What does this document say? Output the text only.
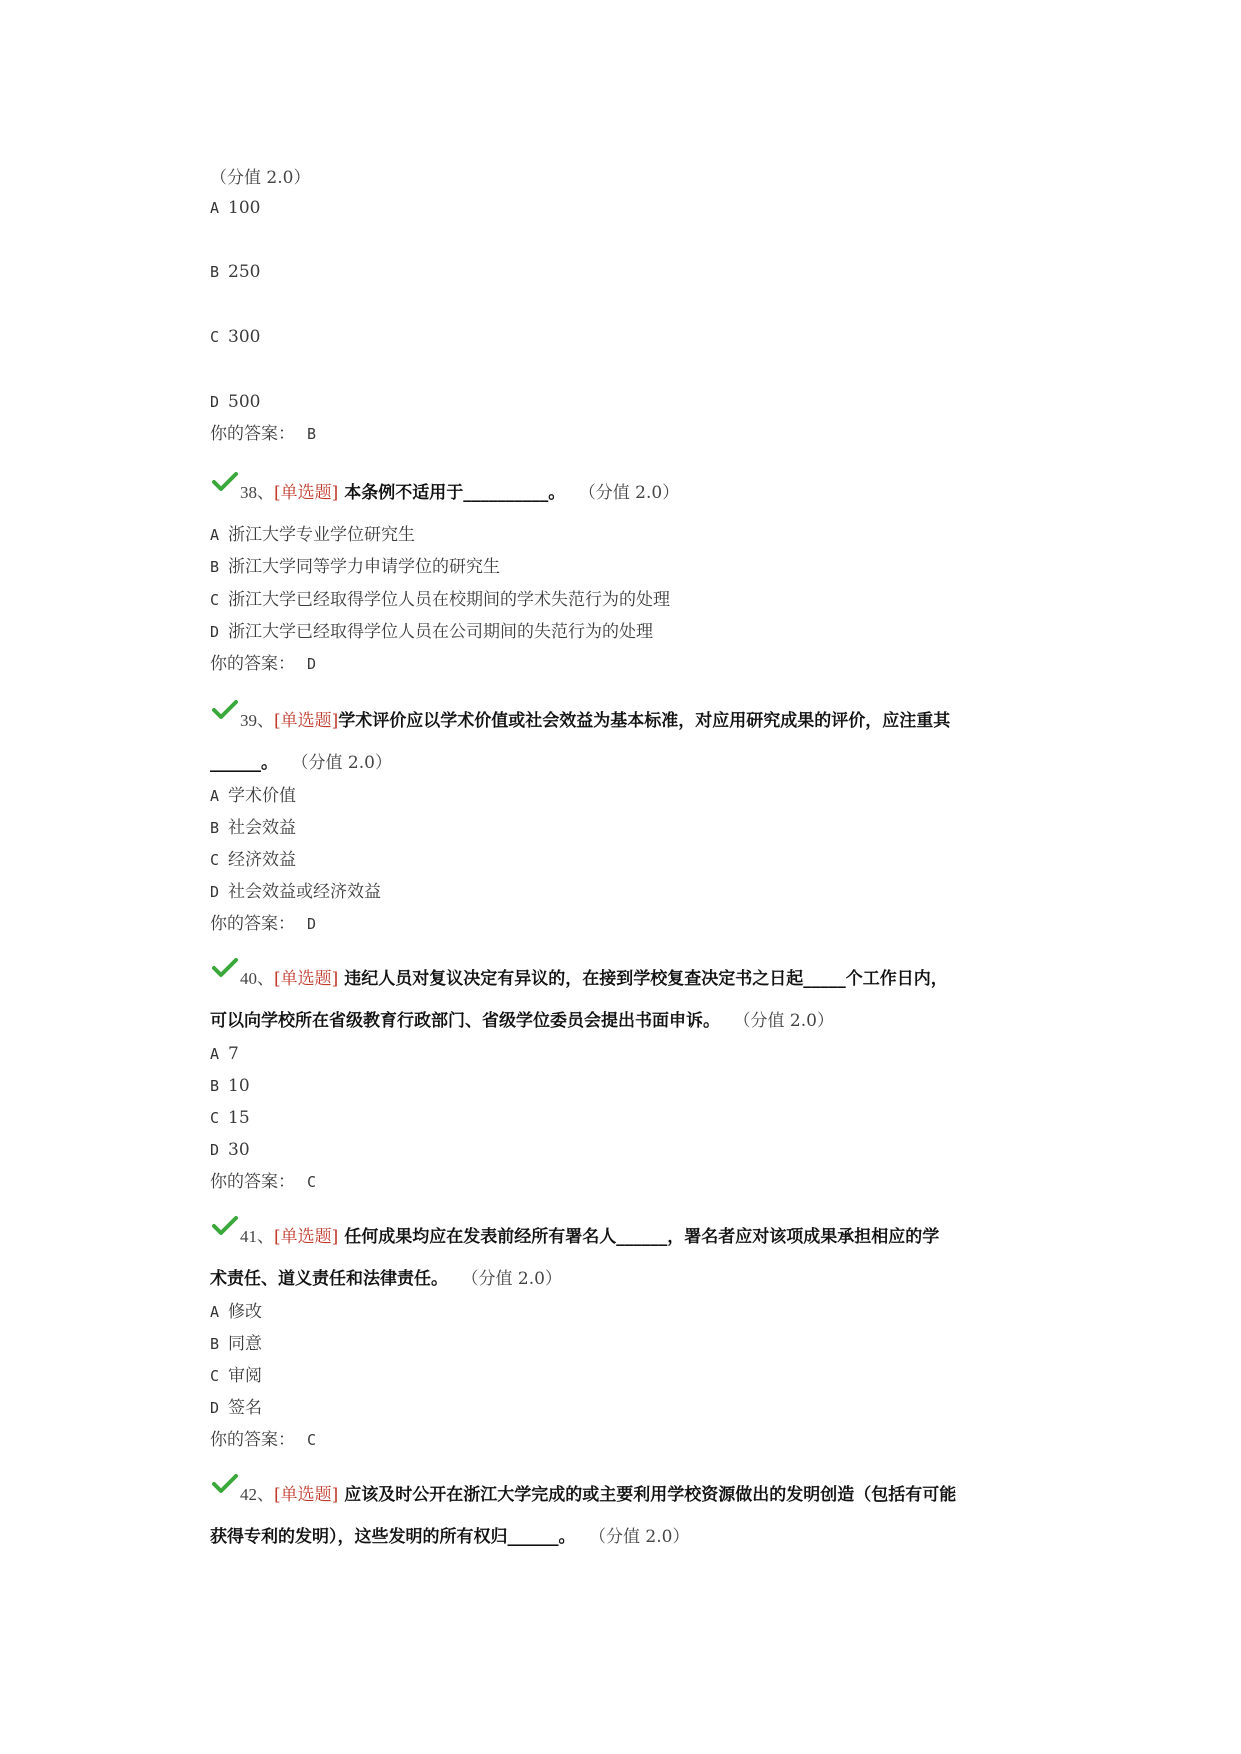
（分值 2.0）
A 100
B 250
C 300
D 500
你的答案： B
38、[单选题] 本条例不适用于__________。 （分值 2.0）
A 浙江大学专业学位研究生
B 浙江大学同等学力申请学位的研究生
C 浙江大学已经取得学位人员在校期间的学术失范行为的处理
D 浙江大学已经取得学位人员在公司期间的失范行为的处理
你的答案： D
39、[单选题]学术评价应以学术价值或社会效益为基本标准，对应用研究成果的评价，应注重其
______。 （分值 2.0）
A 学术价值
B 社会效益
C 经济效益
D 社会效益或经济效益
你的答案： D
40、[单选题] 违纪人员对复议决定有异议的，在接到学校复查决定书之日起_____个工作日内，
可以向学校所在省级教育行政部门、省级学位委员会提出书面申诉。 （分值 2.0）
A 7
B 10
C 15
D 30
你的答案： C
41、[单选题] 任何成果均应在发表前经所有署名人______，署名者应对该项成果承担相应的学
术责任、道义责任和法律责任。 （分值 2.0）
A 修改
B 同意
C 审阅
D 签名
你的答案： C
42、[单选题] 应该及时公开在浙江大学完成的或主要利用学校资源做出的发明创造（包括有可能
获得专利的发明），这些发明的所有权归______。 （分值 2.0）
